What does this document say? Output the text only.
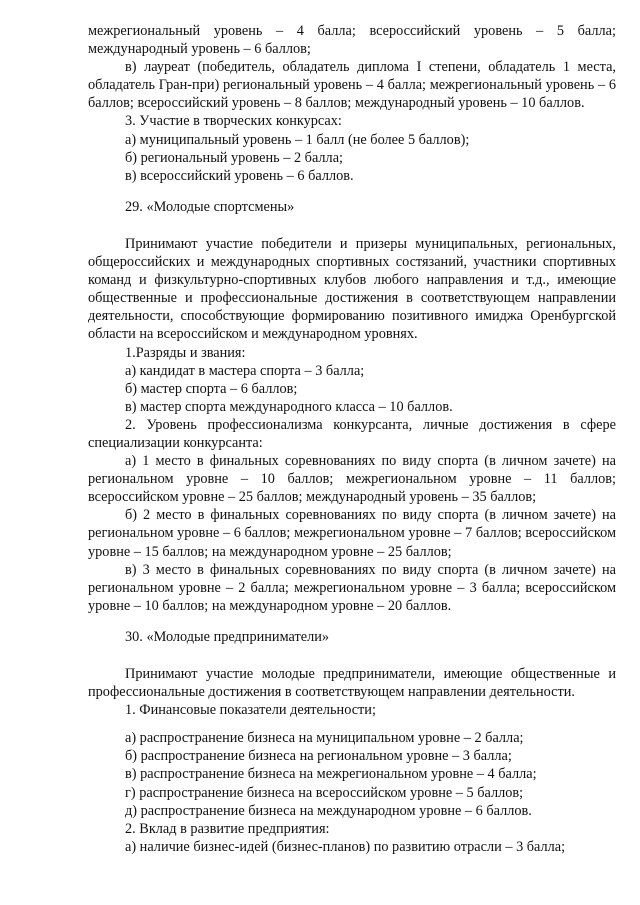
межрегиональный уровень – 4 балла; всероссийский уровень – 5 балла; международный уровень – 6 баллов;

в) лауреат (победитель, обладатель диплома I степени, обладатель 1 места, обладатель Гран-при) региональный уровень – 4 балла; межрегиональный уровень – 6 баллов; всероссийский уровень – 8 баллов; международный уровень – 10 баллов.

3. Участие в творческих конкурсах:

а) муниципальный уровень – 1 балл (не более 5 баллов);

б) региональный уровень – 2 балла;

в) всероссийский уровень – 6 баллов.

29. «Молодые спортсмены»

Принимают участие победители и призеры муниципальных, региональных, общероссийских и международных спортивных состязаний, участники спортивных команд и физкультурно-спортивных клубов любого направления и т.д., имеющие общественные и профессиональные достижения в соответствующем направлении деятельности, способствующие формированию позитивного имиджа Оренбургской области на всероссийском и международном уровнях.

1.Разряды и звания:

а) кандидат в мастера спорта – 3 балла;

б) мастер спорта – 6 баллов;

в) мастер спорта международного класса – 10 баллов.

2. Уровень профессионализма конкурсанта, личные достижения в сфере специализации конкурсанта:

а) 1 место в финальных соревнованиях по виду спорта (в личном зачете) на региональном уровне – 10 баллов; межрегиональном уровне – 11 баллов; всероссийском уровне – 25 баллов; международный уровень – 35 баллов;

б) 2 место в финальных соревнованиях по виду спорта (в личном зачете) на региональном уровне – 6 баллов; межрегиональном уровне – 7 баллов; всероссийском уровне – 15 баллов; на международном уровне – 25 баллов;

в) 3 место в финальных соревнованиях по виду спорта (в личном зачете) на региональном уровне – 2 балла; межрегиональном уровне – 3 балла; всероссийском уровне – 10 баллов; на международном уровне – 20 баллов.

30. «Молодые предприниматели»

Принимают участие молодые предприниматели, имеющие общественные и профессиональные достижения в соответствующем направлении деятельности.

1. Финансовые показатели деятельности;

а) распространение бизнеса на муниципальном уровне – 2 балла;

б) распространение бизнеса на региональном уровне – 3 балла;

в) распространение бизнеса на межрегиональном уровне – 4 балла;

г) распространение бизнеса на всероссийском уровне – 5 баллов;

д) распространение бизнеса на международном уровне – 6 баллов.

2. Вклад в развитие предприятия:

а) наличие бизнес-идей (бизнес-планов) по развитию отрасли – 3 балла;
